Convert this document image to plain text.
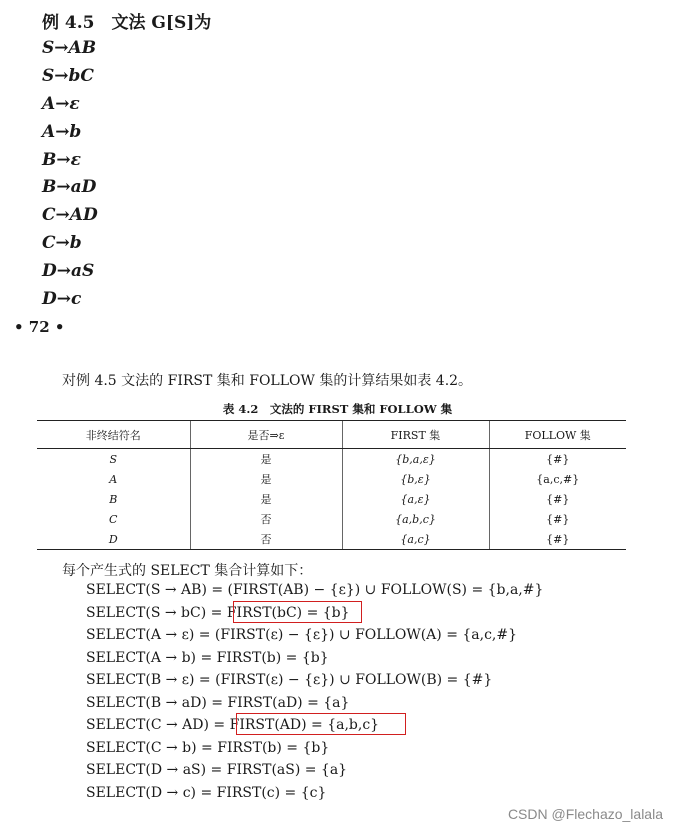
例 4.5　文法 G[S]为
S→AB
S→bC
A→ε
A→b
B→ε
B→aD
C→AD
C→b
D→aS
D→c
• 72 •
对例 4.5 文法的 FIRST 集和 FOLLOW 集的计算结果如表 4.2。
表 4.2　文法的 FIRST 集和 FOLLOW 集
非终结符名	是否⇒ε	FIRST 集	FOLLOW 集
S	是	{b,a,ε}	{#}
A	是	{b,ε}	{a,c,#}
B	是	{a,ε}	{#}
C	否	{a,b,c}	{#}
D	否	{a,c}	{#}
每个产生式的 SELECT 集合计算如下：
SELECT(S → AB) = (FIRST(AB) − {ε}) ∪ FOLLOW(S) = {b,a,#}
SELECT(S → bC) = FIRST(bC) = {b}
SELECT(A → ε) = (FIRST(ε) − {ε}) ∪ FOLLOW(A) = {a,c,#}
SELECT(A → b) = FIRST(b) = {b}
SELECT(B → ε) = (FIRST(ε) − {ε}) ∪ FOLLOW(B) = {#}
SELECT(B → aD) = FIRST(aD) = {a}
SELECT(C → AD) = FIRST(AD) = {a,b,c}
SELECT(C → b) = FIRST(b) = {b}
SELECT(D → aS) = FIRST(aS) = {a}
SELECT(D → c) = FIRST(c) = {c}
CSDN @Flechazo_lalala
